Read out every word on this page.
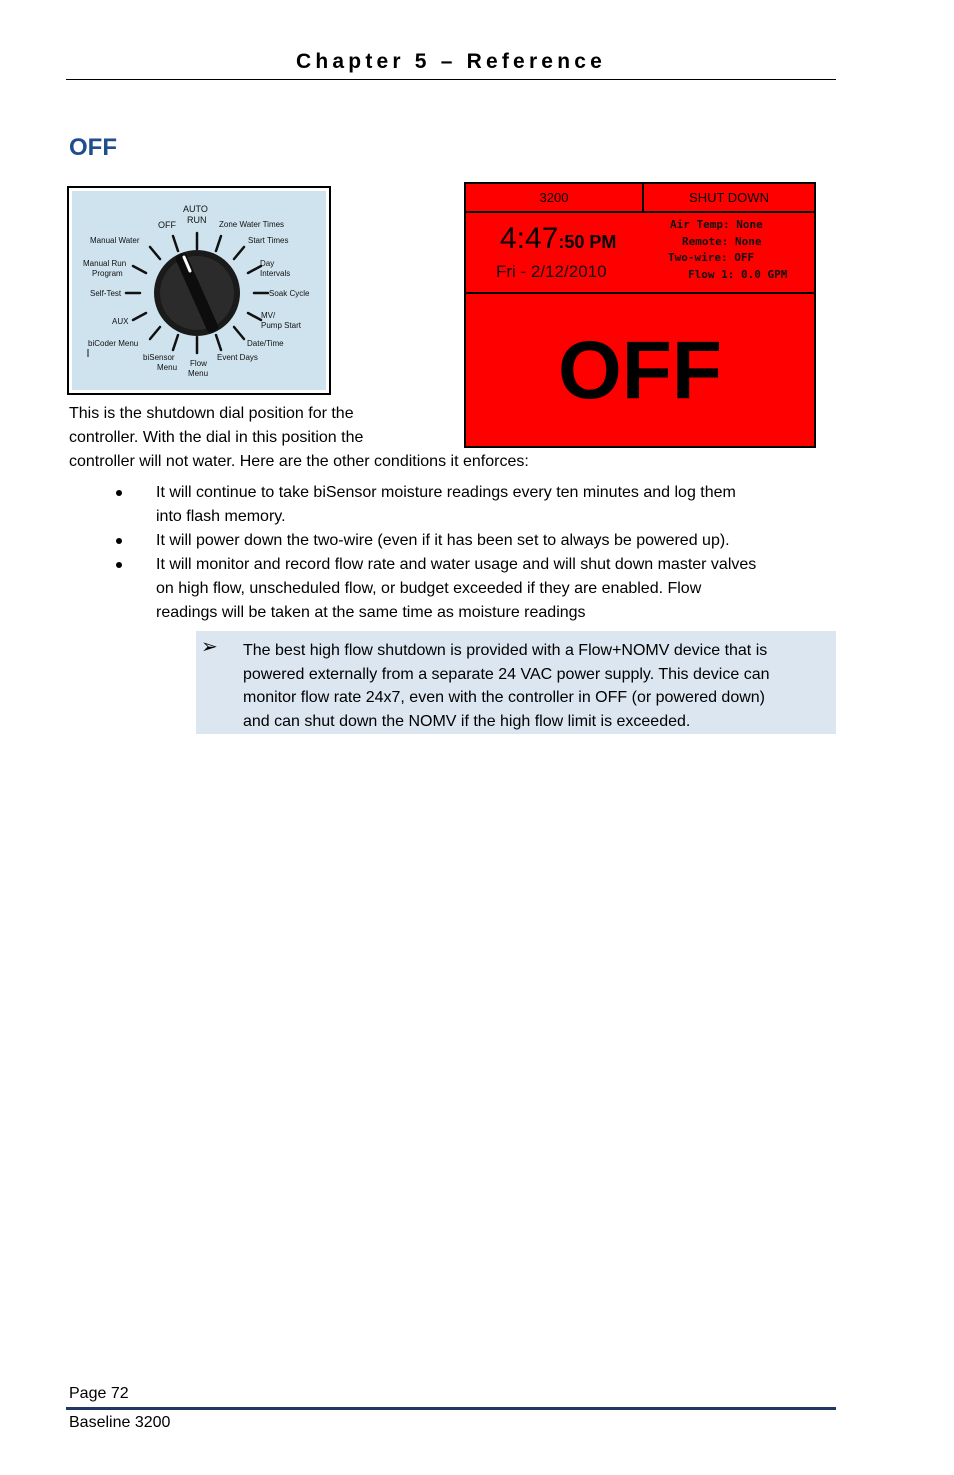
Chapter 5 – Reference
OFF
AUTO
RUN
OFF	Zone Water Times
Start Times
Manual Water
Manual Run
Program
Day
Intervals
Self-Test	Soak Cycle
AUX
MV/
Pump Start
biCoder Menu	Date/Time
biSensor
Menu Flow
Menu
Event Days
3200	SHUT DOWN
4:47:50 PM
Fri - 2/12/2010
Air Temp: None
Remote: None
Two-wire: OFF
Flow 1: 0.0 GPM
OFF
This is the shutdown dial position for the
controller. With the dial in this position the
controller will not water. Here are the other conditions it enforces:
It will continue to take biSensor moisture readings every ten minutes and log them
into flash memory.
It will power down the two-wire (even if it has been set to always be powered up).
It will monitor and record flow rate and water usage and will shut down master valves
on high flow, unscheduled flow, or budget exceeded if they are enabled. Flow
readings will be taken at the same time as moisture readings
➢ The best high flow shutdown is provided with a Flow+NOMV device that is
powered externally from a separate 24 VAC power supply. This device can
monitor flow rate 24x7, even with the controller in OFF (or powered down)
and can shut down the NOMV if the high flow limit is exceeded.
Page 72
Baseline 3200
